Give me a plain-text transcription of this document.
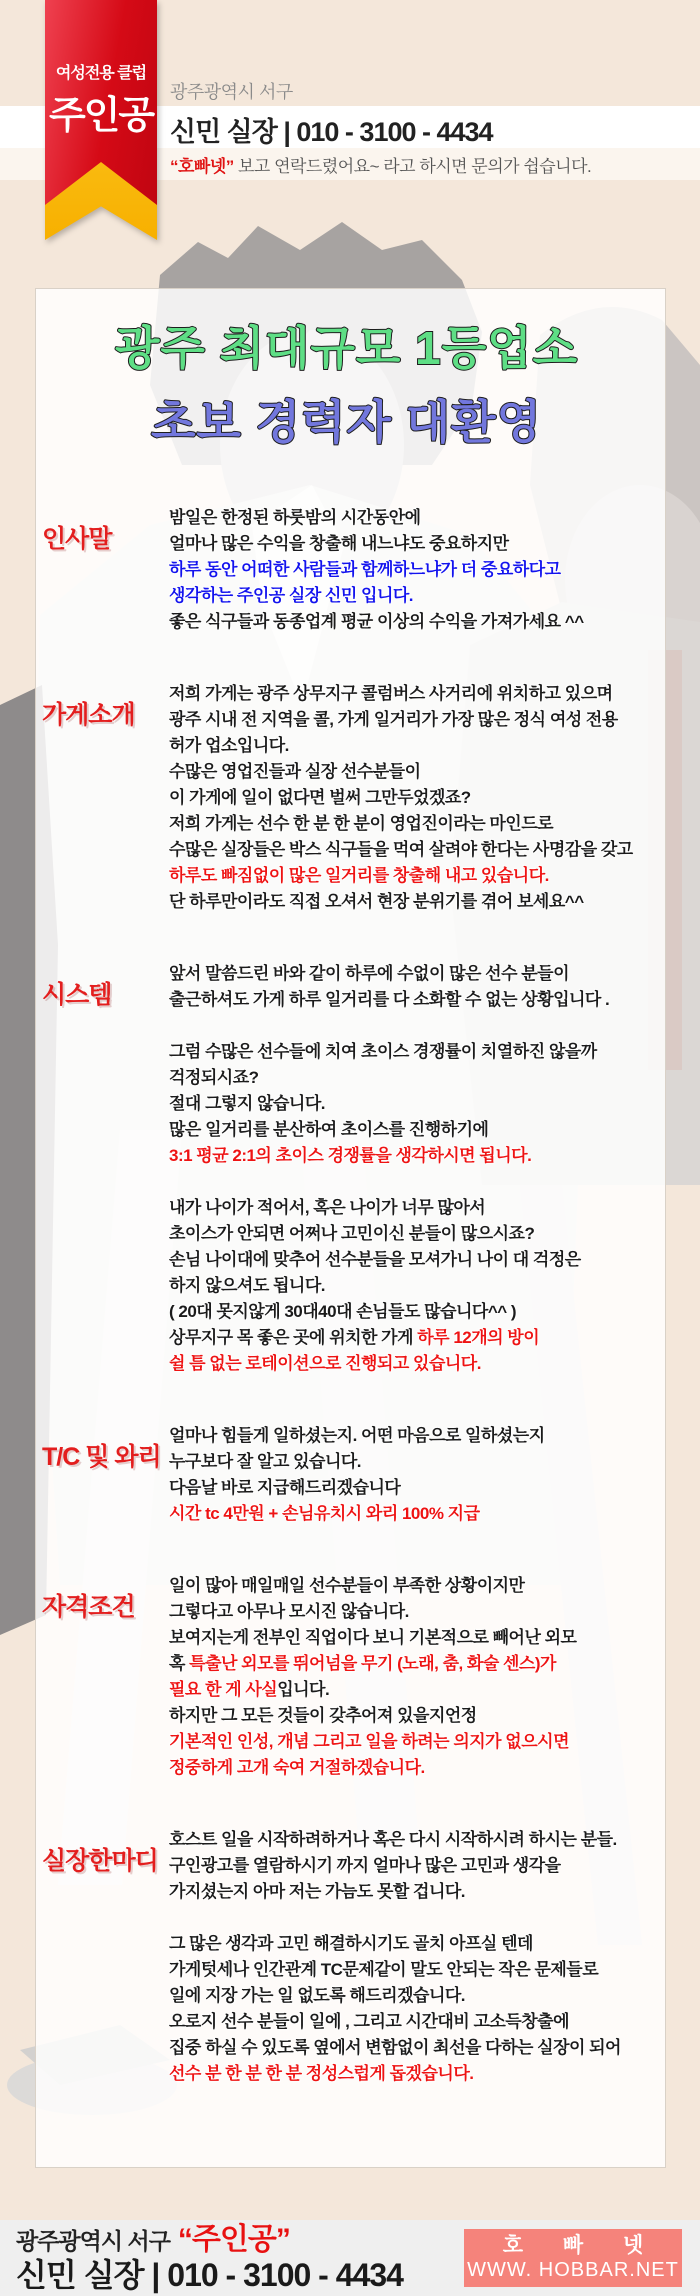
광주광역시 서구
신민 실장 | 010 - 3100 - 4434
“호빠넷” 보고 연락드렸어요~ 라고 하시면 문의가 쉽습니다.
여성전용 클럽
주인공
광주 최대규모 1등업소
초보 경력자 대환영
인사말
밤일은 한정된 하룻밤의 시간동안에
얼마나 많은 수익을 창출해 내느냐도 중요하지만
하루 동안 어떠한 사람들과 함께하느냐가 더 중요하다고
생각하는 주인공 실장 신민 입니다.
좋은 식구들과 동종업계 평균 이상의 수익을 가져가세요 ^^
가게소개
저희 가게는 광주 상무지구 콜럼버스 사거리에 위치하고 있으며
광주 시내 전 지역을 콜, 가게 일거리가 가장 많은 정식 여성 전용
허가 업소입니다.
수많은 영업진들과 실장 선수분들이
이 가게에 일이 없다면 벌써 그만두었겠죠?
저희 가게는 선수 한 분 한 분이 영업진이라는 마인드로
수많은 실장들은 박스 식구들을 먹여 살려야 한다는 사명감을 갖고
하루도 빠짐없이 많은 일거리를 창출해 내고 있습니다.
단 하루만이라도 직접 오셔서 현장 분위기를 겪어 보세요^^
시스템
앞서 말씀드린 바와 같이 하루에 수없이 많은 선수 분들이
출근하셔도 가게 하루 일거리를 다 소화할 수 없는 상황입니다 .
그럼 수많은 선수들에 치여 초이스 경쟁률이 치열하진 않을까
걱정되시죠?
절대 그렇지 않습니다.
많은 일거리를 분산하여 초이스를 진행하기에
3:1 평균 2:1의 초이스 경쟁률을 생각하시면 됩니다.
내가 나이가 적어서, 혹은 나이가 너무 많아서
초이스가 안되면 어쩌나 고민이신 분들이 많으시죠?
손님 나이대에 맞추어 선수분들을 모셔가니 나이 대 걱정은
하지 않으셔도 됩니다.
( 20대 못지않게 30대40대 손님들도 많습니다^^ )
상무지구 목 좋은 곳에 위치한 가게 하루 12개의 방이
쉴 틈 없는 로테이션으로 진행되고 있습니다.
T/C 및 와리
얼마나 힘들게 일하셨는지. 어떤 마음으로 일하셨는지
누구보다 잘 알고 있습니다.
다음날 바로 지급해드리겠습니다
시간 tc 4만원 + 손님유치시 와리 100% 지급
자격조건
일이 많아 매일매일 선수분들이 부족한 상황이지만
그렇다고 아무나 모시진 않습니다.
보여지는게 전부인 직업이다 보니 기본적으로 빼어난 외모
혹 특출난 외모를 뛰어넘을 무기 (노래, 춤, 화술 센스)가
필요 한 게 사실입니다.
하지만 그 모든 것들이 갖추어져 있을지언정
기본적인 인성, 개념 그리고 일을 하려는 의지가 없으시면
정중하게 고개 숙여 거절하겠습니다.
실장한마디
호스트 일을 시작하려하거나 혹은 다시 시작하시려 하시는 분들.
구인광고를 열람하시기 까지 얼마나 많은 고민과 생각을
가지셨는지 아마 저는 가늠도 못할 겁니다.
그 많은 생각과 고민 해결하시기도 골치 아프실 텐데
가게텃세나 인간관계 TC문제같이 말도 안되는 작은 문제들로
일에 지장 가는 일 없도록 해드리겠습니다.
오로지 선수 분들이 일에 , 그리고 시간대비 고소득창출에
집중 하실 수 있도록 옆에서 변함없이 최선을 다하는 실장이 되어
선수 분 한 분 한 분 정성스럽게 돕겠습니다.
광주광역시 서구 “주인공”
신민 실장 | 010 - 3100 - 4434
호 빠 넷
WWW. HOBBAR.NET
